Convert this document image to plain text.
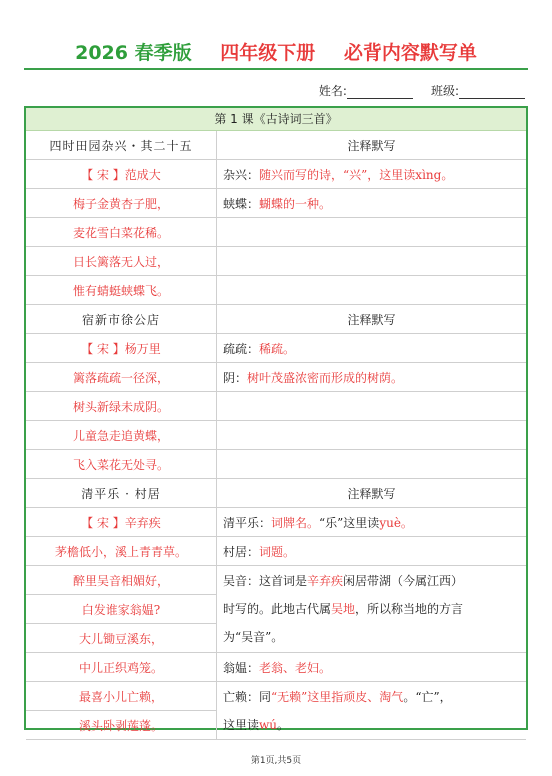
2026 春季版 四年级下册 必背内容默写单
姓名:	班级:
第 1 课《古诗词三首》
四时田园杂兴・其二十五	注释默写
【 宋 】范成大	杂兴：随兴而写的诗，“兴”，这里读xìng。
梅子金黄杏子肥，	蛱蝶：蝴蝶的一种。
麦花雪白菜花稀。	
日长篱落无人过，	
惟有蜻蜓蛱蝶飞。	
宿新市徐公店	注释默写
【 宋 】杨万里	疏疏：稀疏。
篱落疏疏一径深，	阴：树叶茂盛浓密而形成的树荫。
树头新绿未成阴。	
儿童急走追黄蝶，	
飞入菜花无处寻。	
清平乐 · 村居	注释默写
【 宋 】辛弃疾	清平乐：词牌名。“乐”这里读yuè。
茅檐低小，溪上青青草。	村居：词题。
醉里吴音相媚好，	吴音：这首词是辛弃疾闲居带湖（今属江西）
时写的。此地古代属吴地，所以称当地的方言
为“吴音”。

白发谁家翁媪?	
大儿锄豆溪东，	
中儿正织鸡笼。	翁媪：老翁、老妇。
最喜小儿亡赖，	亡赖：同“无赖”这里指顽皮、淘气。“亡”，
这里读wú。

溪头卧剥莲蓬。	
第1页,共5页
